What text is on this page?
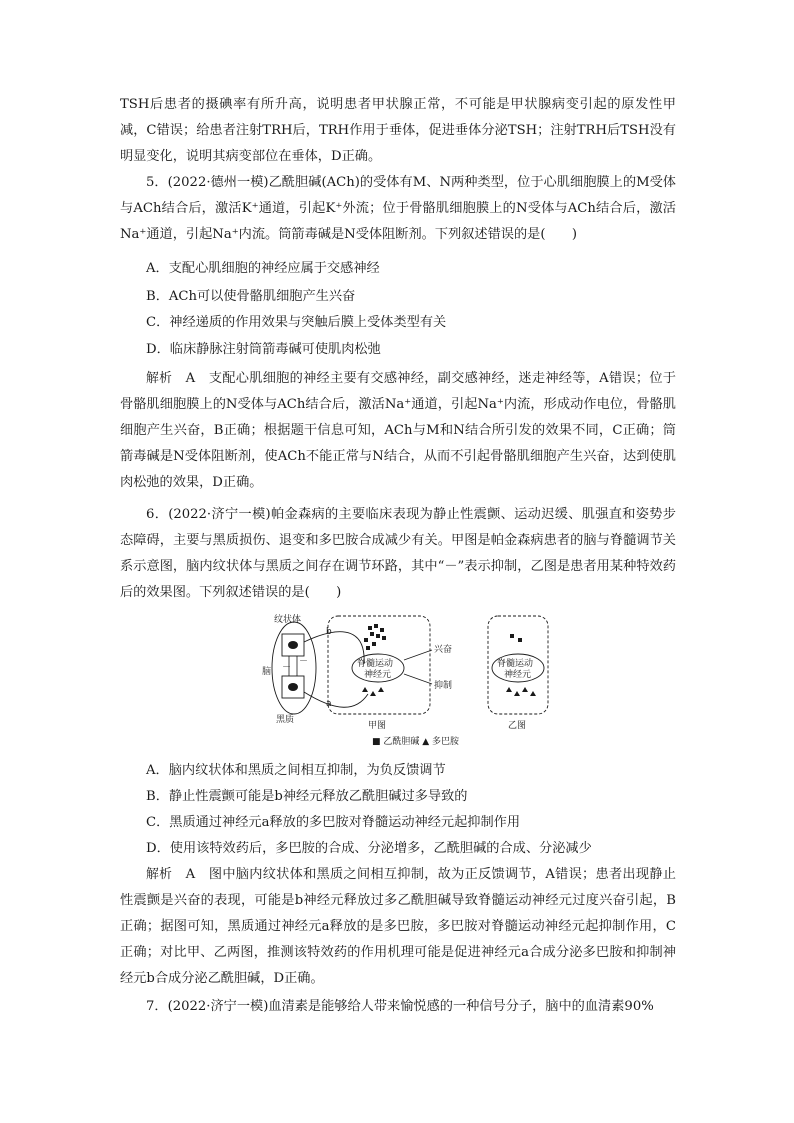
TSH后患者的摄碘率有所升高，说明患者甲状腺正常，不可能是甲状腺病变引起的原发性甲减，C错误；给患者注射TRH后，TRH作用于垂体，促进垂体分泌TSH；注射TRH后TSH没有明显变化，说明其病变部位在垂体，D正确。

5．(2022·德州一模)乙酰胆碱(ACh)的受体有M、N两种类型，位于心肌细胞膜上的M受体与ACh结合后，激活K⁺通道，引起K⁺外流；位于骨骼肌细胞膜上的N受体与ACh结合后，激活Na⁺通道，引起Na⁺内流。筒箭毒碱是N受体阻断剂。下列叙述错误的是(　　)

A．支配心肌细胞的神经应属于交感神经

B．ACh可以使骨骼肌细胞产生兴奋

C．神经递质的作用效果与突触后膜上受体类型有关

D．临床静脉注射筒箭毒碱可使肌肉松弛

解析　A　支配心肌细胞的神经主要有交感神经，副交感神经，迷走神经等，A错误；位于骨骼肌细胞膜上的N受体与ACh结合后，激活Na⁺通道，引起Na⁺内流，形成动作电位，骨骼肌细胞产生兴奋，B正确；根据题干信息可知，ACh与M和N结合所引发的效果不同，C正确；筒箭毒碱是N受体阻断剂，使ACh不能正常与N结合，从而不引起骨骼肌细胞产生兴奋，达到使肌肉松弛的效果，D正确。

6．(2022·济宁一模)帕金森病的主要临床表现为静止性震颤、运动迟缓、肌强直和姿势步态障碍，主要与黑质损伤、退变和多巴胺合成减少有关。甲图是帕金森病患者的脑与脊髓调节关系示意图，脑内纹状体与黑质之间存在调节环路，其中“－”表示抑制，乙图是患者用某种特效药后的效果图。下列叙述错误的是(　　)

纹状体
脑
黑质
－
－
b
a
脊髓运动
神经元
兴奋
抑制
甲图
脊髓运动
神经元
乙图
■ 乙酰胆碱 ▲ 多巴胺

A．脑内纹状体和黑质之间相互抑制，为负反馈调节

B．静止性震颤可能是b神经元释放乙酰胆碱过多导致的

C．黑质通过神经元a释放的多巴胺对脊髓运动神经元起抑制作用

D．使用该特效药后，多巴胺的合成、分泌增多，乙酰胆碱的合成、分泌减少

解析　A　图中脑内纹状体和黑质之间相互抑制，故为正反馈调节，A错误；患者出现静止性震颤是兴奋的表现，可能是b神经元释放过多乙酰胆碱导致脊髓运动神经元过度兴奋引起，B正确；据图可知，黑质通过神经元a释放的是多巴胺，多巴胺对脊髓运动神经元起抑制作用，C正确；对比甲、乙两图，推测该特效药的作用机理可能是促进神经元a合成分泌多巴胺和抑制神经元b合成分泌乙酰胆碱，D正确。

7．(2022·济宁一模)血清素是能够给人带来愉悦感的一种信号分子，脑中的血清素90%
